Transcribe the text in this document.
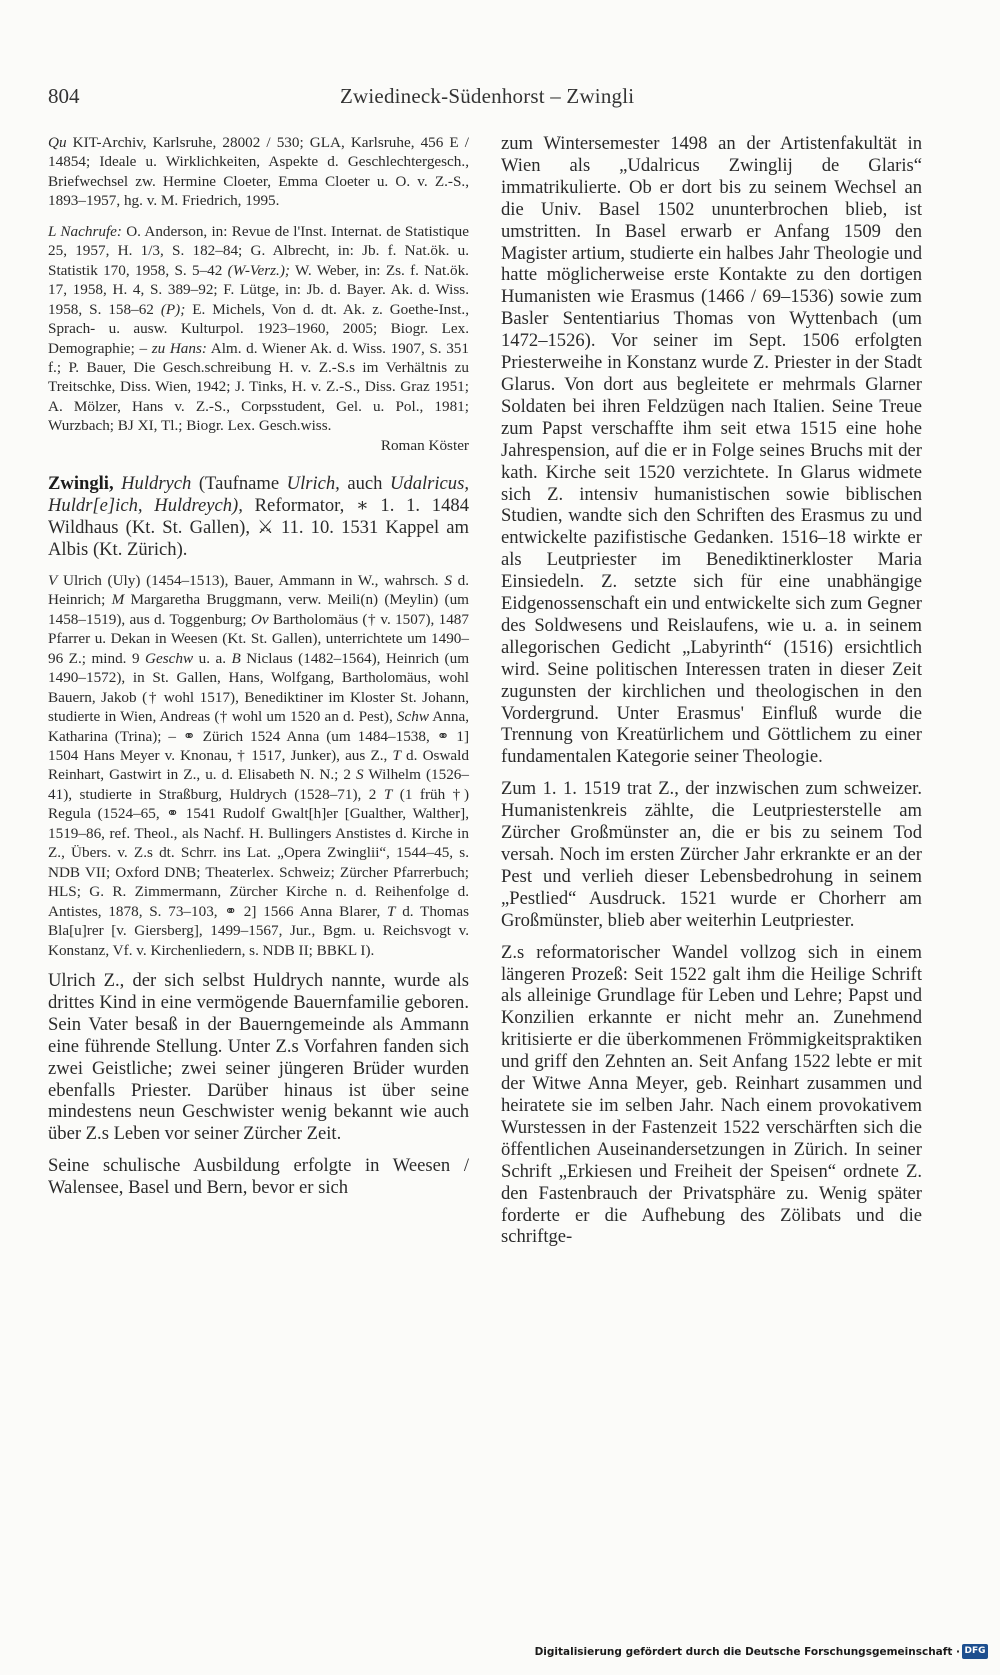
804	Zwiedineck-Südenhorst – Zwingli

Qu KIT-Archiv, Karlsruhe, 28002 / 530; GLA, Karlsruhe, 456 E / 14854; Ideale u. Wirklichkeiten, Aspekte d. Geschlechtergesch., Briefwechsel zw. Hermine Cloeter, Emma Cloeter u. O. v. Z.-S., 1893–1957, hg. v. M. Friedrich, 1995.

L Nachrufe: O. Anderson, in: Revue de l'Inst. Internat. de Statistique 25, 1957, H. 1/3, S. 182–84; G. Albrecht, in: Jb. f. Nat.ök. u. Statistik 170, 1958, S. 5–42 (W-Verz.); W. Weber, in: Zs. f. Nat.ök. 17, 1958, H. 4, S. 389–92; F. Lütge, in: Jb. d. Bayer. Ak. d. Wiss. 1958, S. 158–62 (P); E. Michels, Von d. dt. Ak. z. Goethe-Inst., Sprach- u. ausw. Kulturpol. 1923–1960, 2005; Biogr. Lex. Demographie; – zu Hans: Alm. d. Wiener Ak. d. Wiss. 1907, S. 351 f.; P. Bauer, Die Gesch.schreibung H. v. Z.-S.s im Verhältnis zu Treitschke, Diss. Wien, 1942; J. Tinks, H. v. Z.-S., Diss. Graz 1951; A. Mölzer, Hans v. Z.-S., Corpsstudent, Gel. u. Pol., 1981; Wurzbach; BJ XI, Tl.; Biogr. Lex. Gesch.wiss.

Roman Köster

Zwingli, Huldrych (Taufname Ulrich, auch Udalricus, Huldr[e]ich, Huldreych), Reformator, ∗ 1. 1. 1484 Wildhaus (Kt. St. Gallen), ⚔ 11. 10. 1531 Kappel am Albis (Kt. Zürich).

V Ulrich (Uly) (1454–1513), Bauer, Ammann in W., wahrsch. S d. Heinrich; M Margaretha Bruggmann, verw. Meili(n) (Meylin) (um 1458–1519), aus d. Toggenburg; Ov Bartholomäus († v. 1507), 1487 Pfarrer u. Dekan in Weesen (Kt. St. Gallen), unterrichtete um 1490–96 Z.; mind. 9 Geschw u. a. B Niclaus (1482–1564), Heinrich (um 1490–1572), in St. Gallen, Hans, Wolfgang, Bartholomäus, wohl Bauern, Jakob († wohl 1517), Benediktiner im Kloster St. Johann, studierte in Wien, Andreas († wohl um 1520 an d. Pest), Schw Anna, Katharina (Trina); – ⚭ Zürich 1524 Anna (um 1484–1538, ⚭ 1] 1504 Hans Meyer v. Knonau, † 1517, Junker), aus Z., T d. Oswald Reinhart, Gastwirt in Z., u. d. Elisabeth N. N.; 2 S Wilhelm (1526–41), studierte in Straßburg, Huldrych (1528–71), 2 T (1 früh †) Regula (1524–65, ⚭ 1541 Rudolf Gwalt[h]er [Gualther, Walther], 1519–86, ref. Theol., als Nachf. H. Bullingers Anstistes d. Kirche in Z., Übers. v. Z.s dt. Schrr. ins Lat. „Opera Zwinglii“, 1544–45, s. NDB VII; Oxford DNB; Theaterlex. Schweiz; Zürcher Pfarrerbuch; HLS; G. R. Zimmermann, Zürcher Kirche n. d. Reihenfolge d. Antistes, 1878, S. 73–103, ⚭ 2] 1566 Anna Blarer, T d. Thomas Bla[u]rer [v. Giersberg], 1499–1567, Jur., Bgm. u. Reichsvogt v. Konstanz, Vf. v. Kirchenliedern, s. NDB II; BBKL I).

Ulrich Z., der sich selbst Huldrych nannte, wurde als drittes Kind in eine vermögende Bauernfamilie geboren. Sein Vater besaß in der Bauerngemeinde als Ammann eine führende Stellung. Unter Z.s Vorfahren fanden sich zwei Geistliche; zwei seiner jüngeren Brüder wurden ebenfalls Priester. Darüber hinaus ist über seine mindestens neun Geschwister wenig bekannt wie auch über Z.s Leben vor seiner Zürcher Zeit.

Seine schulische Ausbildung erfolgte in Weesen / Walensee, Basel und Bern, bevor er sich

zum Wintersemester 1498 an der Artistenfakultät in Wien als „Udalricus Zwinglij de Glaris“ immatrikulierte. Ob er dort bis zu seinem Wechsel an die Univ. Basel 1502 ununterbrochen blieb, ist umstritten. In Basel erwarb er Anfang 1509 den Magister artium, studierte ein halbes Jahr Theologie und hatte möglicherweise erste Kontakte zu den dortigen Humanisten wie Erasmus (1466 / 69–1536) sowie zum Basler Sententiarius Thomas von Wyttenbach (um 1472–1526). Vor seiner im Sept. 1506 erfolgten Priesterweihe in Konstanz wurde Z. Priester in der Stadt Glarus. Von dort aus begleitete er mehrmals Glarner Soldaten bei ihren Feldzügen nach Italien. Seine Treue zum Papst verschaffte ihm seit etwa 1515 eine hohe Jahrespension, auf die er in Folge seines Bruchs mit der kath. Kirche seit 1520 verzichtete. In Glarus widmete sich Z. intensiv humanistischen sowie biblischen Studien, wandte sich den Schriften des Erasmus zu und entwickelte pazifistische Gedanken. 1516–18 wirkte er als Leutpriester im Benediktinerkloster Maria Einsiedeln. Z. setzte sich für eine unabhängige Eidgenossenschaft ein und entwickelte sich zum Gegner des Soldwesens und Reislaufens, wie u. a. in seinem allegorischen Gedicht „Labyrinth“ (1516) ersichtlich wird. Seine politischen Interessen traten in dieser Zeit zugunsten der kirchlichen und theologischen in den Vordergrund. Unter Erasmus' Einfluß wurde die Trennung von Kreatürlichem und Göttlichem zu einer fundamentalen Kategorie seiner Theologie.

Zum 1. 1. 1519 trat Z., der inzwischen zum schweizer. Humanistenkreis zählte, die Leutpriesterstelle am Zürcher Großmünster an, die er bis zu seinem Tod versah. Noch im ersten Zürcher Jahr erkrankte er an der Pest und verlieh dieser Lebensbedrohung in seinem „Pestlied“ Ausdruck. 1521 wurde er Chorherr am Großmünster, blieb aber weiterhin Leutpriester.

Z.s reformatorischer Wandel vollzog sich in einem längeren Prozeß: Seit 1522 galt ihm die Heilige Schrift als alleinige Grundlage für Leben und Lehre; Papst und Konzilien erkannte er nicht mehr an. Zunehmend kritisierte er die überkommenen Frömmigkeitspraktiken und griff den Zehnten an. Seit Anfang 1522 lebte er mit der Witwe Anna Meyer, geb. Reinhart zusammen und heiratete sie im selben Jahr. Nach einem provokativem Wurstessen in der Fastenzeit 1522 verschärften sich die öffentlichen Auseinandersetzungen in Zürich. In seiner Schrift „Erkiesen und Freiheit der Speisen“ ordnete Z. den Fastenbrauch der Privatsphäre zu. Wenig später forderte er die Aufhebung des Zölibats und die schriftge-

Digitalisierung gefördert durch die Deutsche Forschungsgemeinschaft · DFG
